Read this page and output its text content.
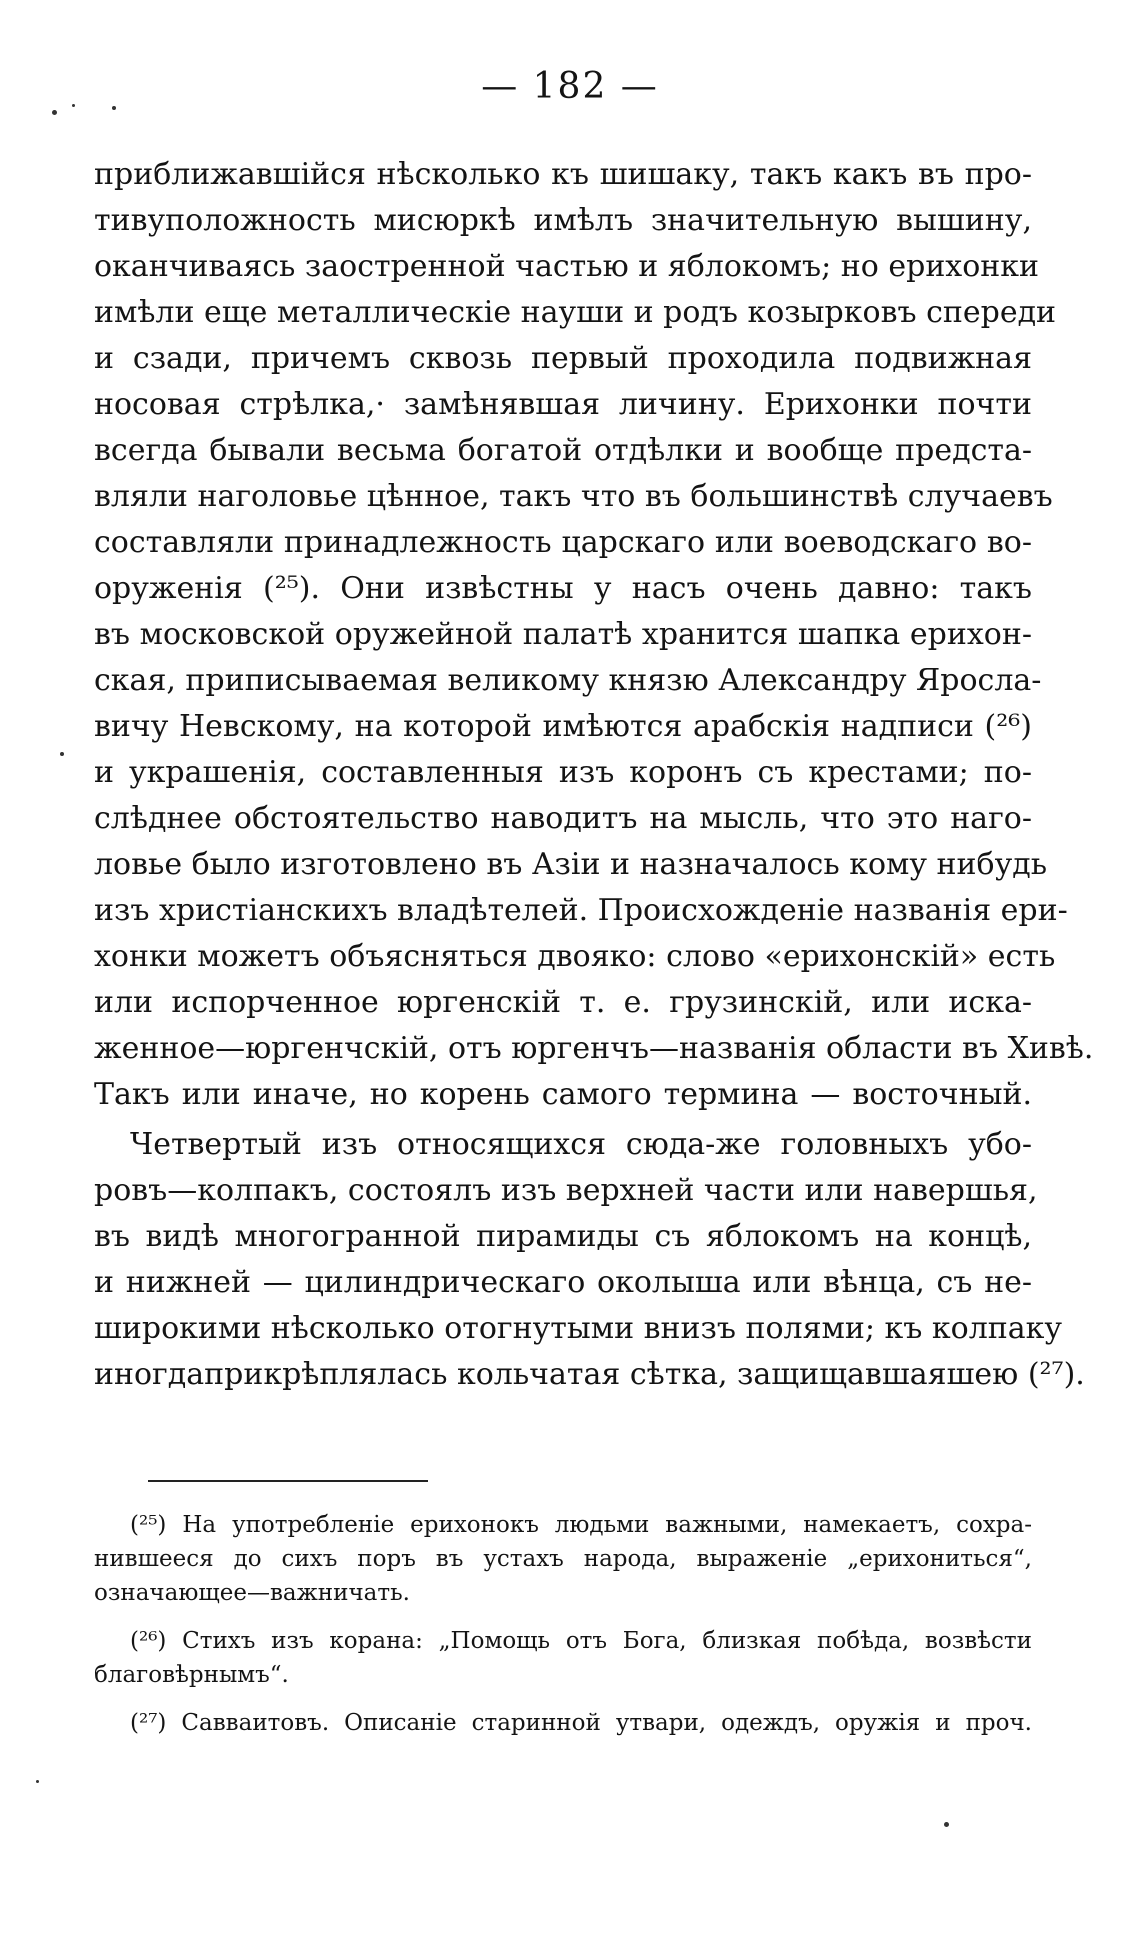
— 182 —
приближавшійся нѣсколько къ шишаку, такъ какъ въ про-
тивуположность мисюркѣ имѣлъ значительную вышину,
оканчиваясь заостренной частью и яблокомъ; но ерихонки
имѣли еще металлическіе науши и родъ козырковъ спереди
и сзади, причемъ сквозь первый проходила подвижная
носовая стрѣлка,· замѣнявшая личину. Ерихонки почти
всегда бывали весьма богатой отдѣлки и вообще предста-
вляли наголовье цѣнное, такъ что въ большинствѣ случаевъ
составляли принадлежность царскаго или воеводскаго во-
оруженія (²⁵). Они извѣстны у насъ очень давно: такъ
въ московской оружейной палатѣ хранится шапка ерихон-
ская, приписываемая великому князю Александру Яросла-
вичу Невскому, на которой имѣются арабскія надписи (²⁶)
и украшенія, составленныя изъ коронъ съ крестами; по-
слѣднее обстоятельство наводитъ на мысль, что это наго-
ловье было изготовлено въ Азіи и назначалось кому нибудь
изъ христіанскихъ владѣтелей. Происхожденіе названія ери-
хонки можетъ объясняться двояко: слово «ерихонскій» есть
или испорченное юргенскій т. е. грузинскій, или иска-
женное—юргенчскій, отъ юргенчъ—названія области въ Хивѣ.
Такъ или иначе, но корень самого термина — восточный.
Четвертый изъ относящихся сюда-же головныхъ убо-
ровъ—колпакъ, состоялъ изъ верхней части или навершья,
въ видѣ многогранной пирамиды съ яблокомъ на концѣ,
и нижней — цилиндрическаго околыша или вѣнца, съ не-
широкими нѣсколько отогнутыми внизъ полями; къ колпаку
иногдаприкрѣплялась кольчатая сѣтка, защищавшаяшею (²⁷).
(²⁵) На употребленіе ерихонокъ людьми важными, намекаетъ, сохра-
нившееся до сихъ поръ въ устахъ народа, выраженіе „ерихониться“,
означающее—важничать.
(²⁶) Стихъ изъ корана: „Помощь отъ Бога, близкая побѣда, возвѣсти
благовѣрнымъ“.
(²⁷) Савваитовъ. Описаніе старинной утвари, одеждъ, оружія и проч.
